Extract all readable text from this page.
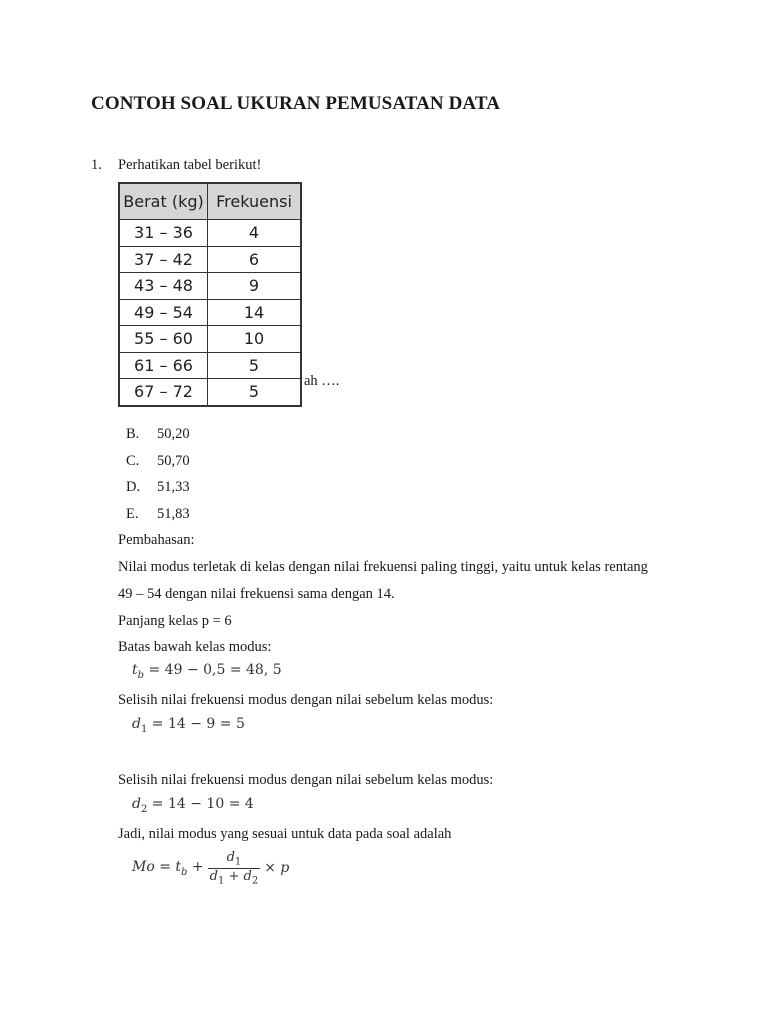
CONTOH SOAL UKURAN PEMUSATAN DATA
1. Perhatikan tabel berikut!
Berat (kg)	Frekuensi
31 – 36	4
37 – 42	6
43 – 48	9
49 – 54	14
55 – 60	10
61 – 66	5
67 – 72	5
ah ….
B. 50,20
C. 50,70
D. 51,33
E. 51,83
Pembahasan:
Nilai modus terletak di kelas dengan nilai frekuensi paling tinggi, yaitu untuk kelas rentang
49 – 54 dengan nilai frekuensi sama dengan 14.
Panjang kelas p = 6
Batas bawah kelas modus:
$t_b = 49 - 0,5 = 48$, 5
Selisih nilai frekuensi modus dengan nilai sebelum kelas modus:
$d_1 = 14 - 9 = 5$
Selisih nilai frekuensi modus dengan nilai sebelum kelas modus:
$d_2 = 14 - 10 = 4$
Jadi, nilai modus yang sesuai untuk data pada soal adalah
$Mo = t_b + \frac{d_1}{d_1 + d_2} \times p$
